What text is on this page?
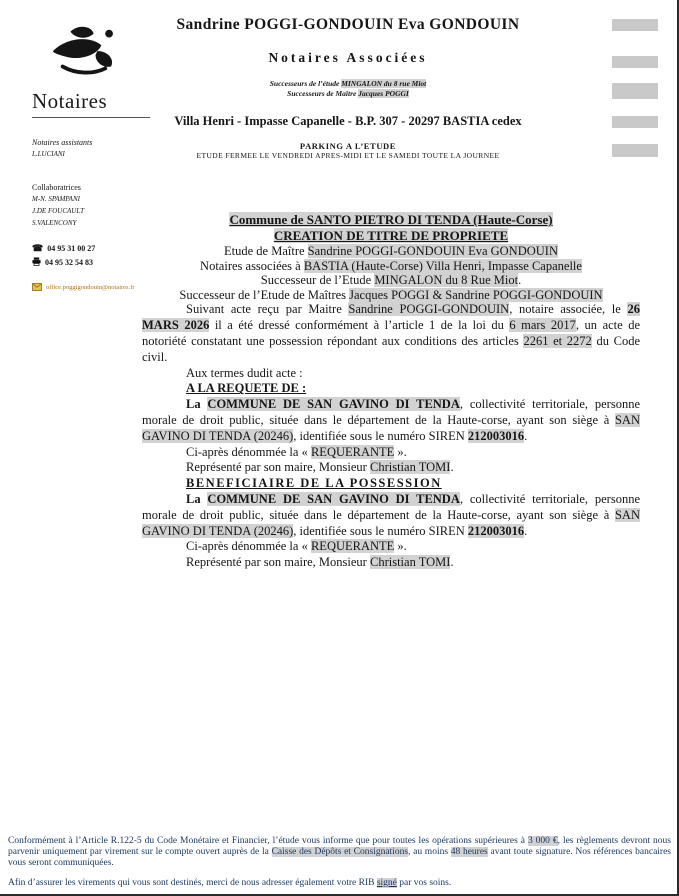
Notaires
Notaires assistants
L.LUCIANI
Collaboratrices
M-N. SPAMPANI
J.DE FOUCAULT
S.VALENCONY
☎ 04 95 31 00 27
04 95 32 54 83
office.poggigondouin@notaires.fr
Sandrine POGGI-GONDOUIN Eva GONDOUIN
Notaires Associées
Successeurs de l’étude MINGALON du 8 rue Miot
Successeurs de Maître Jacques POGGI
Villa Henri - Impasse Capanelle - B.P. 307 - 20297 BASTIA cedex
PARKING A L’ETUDE
ETUDE FERMEE LE VENDREDI APRES-MIDI ET LE SAMEDI TOUTE LA JOURNEE
Commune de SANTO PIETRO DI TENDA (Haute-Corse)
CREATION DE TITRE DE PROPRIETE
Etude de Maître Sandrine POGGI-GONDOUIN Eva GONDOUIN
Notaires associées à BASTIA (Haute-Corse) Villa Henri, Impasse Capanelle
Successeur de l’Etude MINGALON du 8 Rue Miot.
Successeur de l’Etude de Maîtres Jacques POGGI & Sandrine POGGI-GONDOUIN

Suivant acte reçu par Maitre Sandrine POGGI-GONDOUIN, notaire associée, le 26 MARS 2026 il a été dressé conformément à l’article 1 de la loi du 6 mars 2017, un acte de notoriété constatant une possession répondant aux conditions des articles 2261 et 2272 du Code civil.

Aux termes dudit acte :

A LA REQUETE DE :

La COMMUNE DE SAN GAVINO DI TENDA, collectivité territoriale, personne morale de droit public, située dans le département de la Haute-corse, ayant son siège à SAN GAVINO DI TENDA (20246), identifiée sous le numéro SIREN 212003016.

Ci-après dénommée la « REQUERANTE ».

Représenté par son maire, Monsieur Christian TOMI.

BENEFICIAIRE DE LA POSSESSION

La COMMUNE DE SAN GAVINO DI TENDA, collectivité territoriale, personne morale de droit public, située dans le département de la Haute-corse, ayant son siège à SAN GAVINO DI TENDA (20246), identifiée sous le numéro SIREN 212003016.

Ci-après dénommée la « REQUERANTE ».

Représenté par son maire, Monsieur Christian TOMI.

Conformément à l’Article R.122-5 du Code Monétaire et Financier, l’étude vous informe que pour toutes les opérations supérieures à 3 000 €, les règlements devront nous parvenir uniquement par virement sur le compte ouvert auprès de la Caisse des Dépôts et Consignations, au moins 48 heures avant toute signature. Nos références bancaires vous seront communiquées.

Afin d’assurer les virements qui vous sont destinés, merci de nous adresser également votre RIB signé par vos soins.
